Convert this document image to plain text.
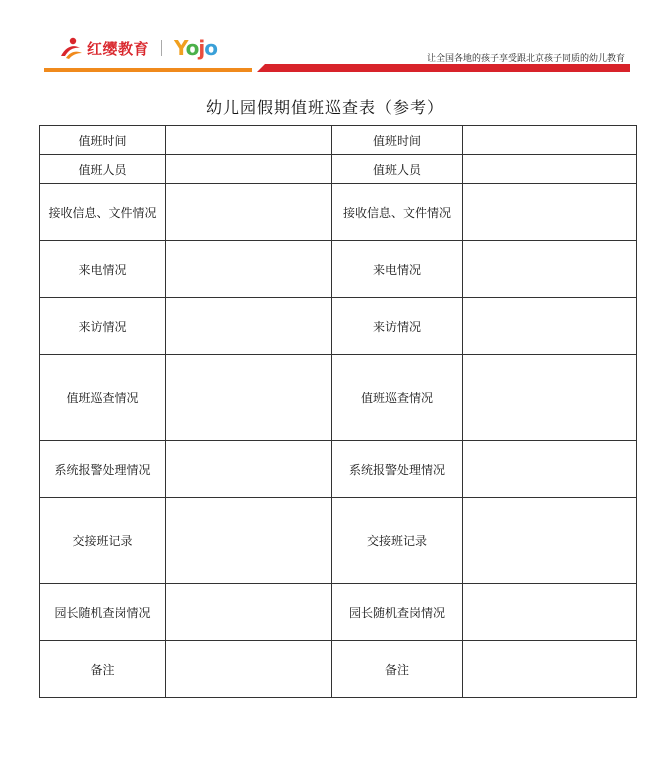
红缨教育 Yojo	让全国各地的孩子享受跟北京孩子同质的幼儿教育
幼儿园假期值班巡查表（参考）
值班时间		值班时间	
值班人员		值班人员	
接收信息、文件情况		接收信息、文件情况	
来电情况		来电情况	
来访情况		来访情况	
值班巡查情况		值班巡查情况	
系统报警处理情况		系统报警处理情况	
交接班记录		交接班记录	
园长随机查岗情况		园长随机查岗情况	
备注		备注	
